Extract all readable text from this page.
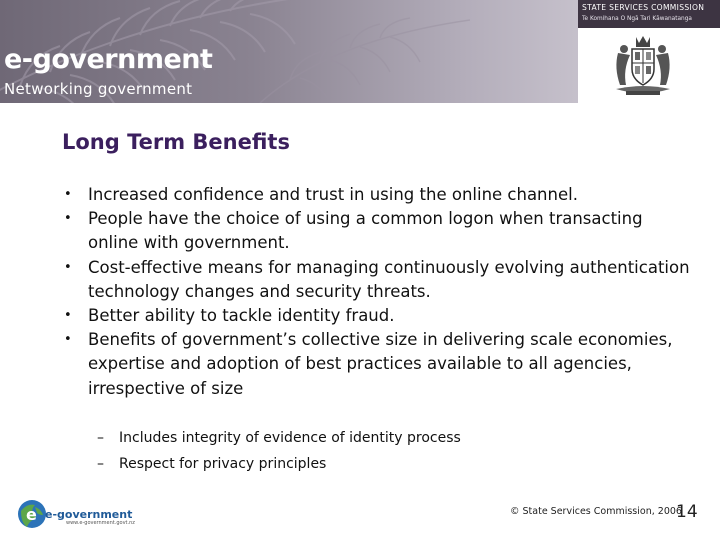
e-government
Networking government
STATE SERVICES COMMISSION
Te Komihana O Ngā Tari Kāwanatanga
Long Term Benefits
• Increased confidence and trust in using the online channel.
• People have the choice of using a common logon when transacting online with government.
• Cost-effective means for managing continuously evolving authentication technology changes and security threats.
• Better ability to tackle identity fraud.
• Benefits of government’s collective size in delivering scale economies, expertise and adoption of best practices available to all agencies, irrespective of size
– Includes integrity of evidence of identity process
– Respect for privacy principles
e e-government
www.e-government.govt.nz
© State Services Commission, 2006
14
